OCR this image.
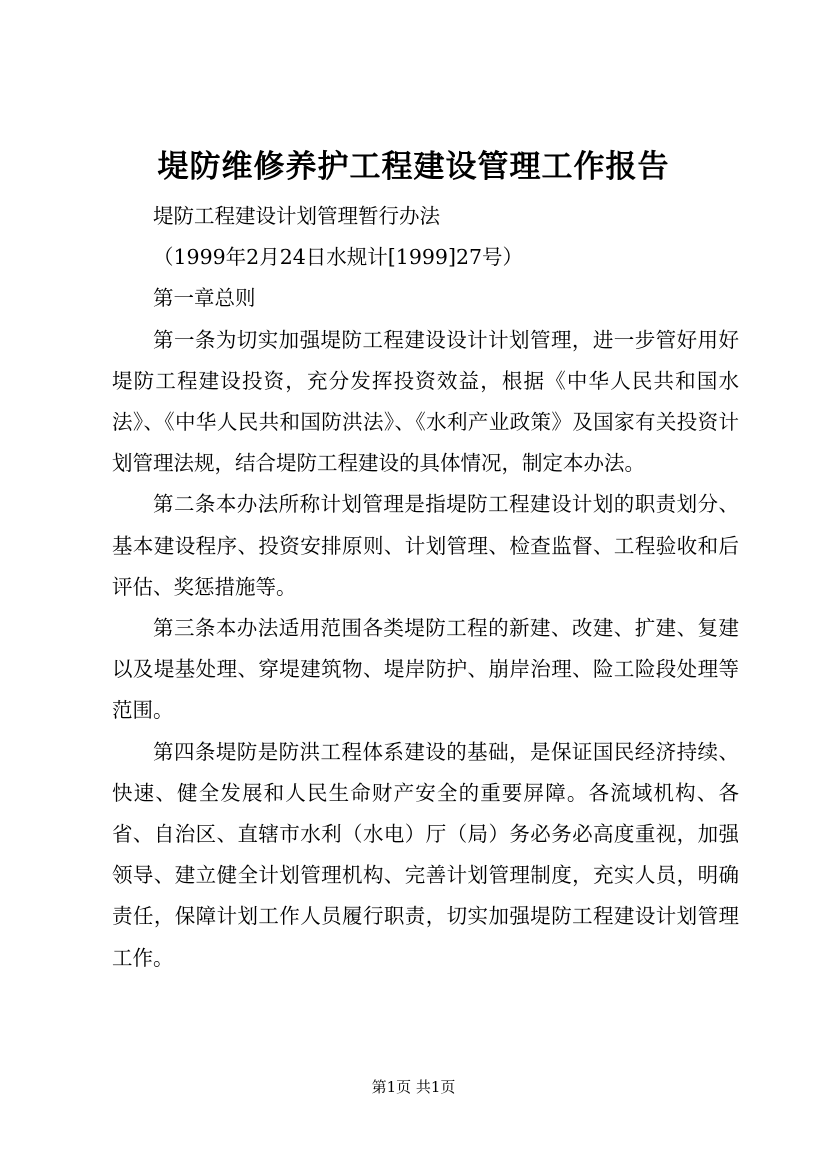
堤防维修养护工程建设管理工作报告

堤防工程建设计划管理暂行办法

（1999年2月24日水规计[1999]27号）

第一章总则

第一条为切实加强堤防工程建设设计计划管理，进一步管好用好堤防工程建设投资，充分发挥投资效益，根据《中华人民共和国水法》、《中华人民共和国防洪法》、《水利产业政策》及国家有关投资计划管理法规，结合堤防工程建设的具体情况，制定本办法。

第二条本办法所称计划管理是指堤防工程建设计划的职责划分、基本建设程序、投资安排原则、计划管理、检查监督、工程验收和后评估、奖惩措施等。

第三条本办法适用范围各类堤防工程的新建、改建、扩建、复建以及堤基处理、穿堤建筑物、堤岸防护、崩岸治理、险工险段处理等范围。

第四条堤防是防洪工程体系建设的基础，是保证国民经济持续、快速、健全发展和人民生命财产安全的重要屏障。各流域机构、各省、自治区、直辖市水利（水电）厅（局）务必务必高度重视，加强领导、建立健全计划管理机构、完善计划管理制度，充实人员，明确责任，保障计划工作人员履行职责，切实加强堤防工程建设计划管理工作。

第1页 共1页
